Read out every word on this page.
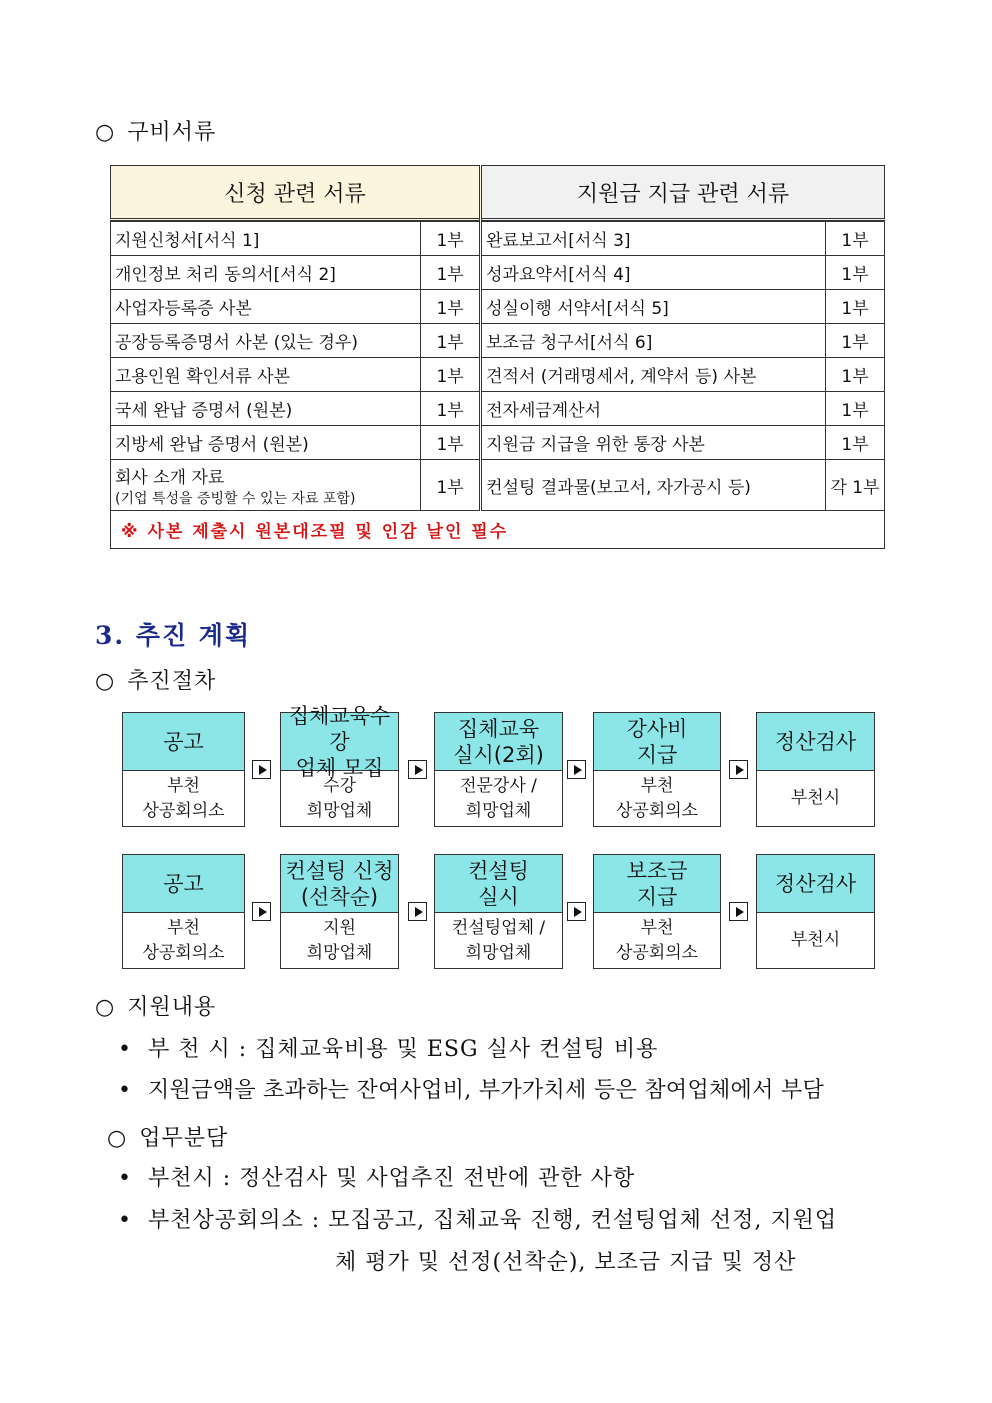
○ 구비서류
신청 관련 서류		지원금 지급 관련 서류	

지원신청서[서식 1]	1부	완료보고서[서식 3]	1부
개인정보 처리 동의서[서식 2]	1부	성과요약서[서식 4]	1부
사업자등록증 사본	1부	성실이행 서약서[서식 5]	1부
공장등록증명서 사본 (있는 경우)	1부	보조금 청구서[서식 6]	1부
고용인원 확인서류 사본	1부	견적서 (거래명세서, 계약서 등) 사본	1부
국세 완납 증명서 (원본)	1부	전자세금계산서	1부
지방세 완납 증명서 (원본)	1부	지원금 지급을 위한 통장 사본	1부
회사 소개 자료
(기업 특성을 증빙할 수 있는 자료 포함)	1부	컨설팅 결과물(보고서, 자가공시 등)	각 1부
※ 사본 제출시 원본대조필 및 인감 날인 필수			
3. 추진 계획
○ 추진절차
공고
부천
상공회의소
집체교육수강
업체 모집
수강
희망업체
집체교육
실시(2회)
전문강사 /
희망업체
강사비
지급
부천
상공회의소
정산검사
부천시
공고
부천
상공회의소
컨설팅 신청
(선착순)
지원
희망업체
컨설팅
실시
컨설팅업체 /
희망업체
보조금
지급
부천
상공회의소
정산검사
부천시
○ 지원내용
• 부 천 시 : 집체교육비용 및 ESG 실사 컨설팅 비용
• 지원금액을 초과하는 잔여사업비, 부가가치세 등은 참여업체에서 부담
○ 업무분담
• 부천시 : 정산검사 및 사업추진 전반에 관한 사항
• 부천상공회의소 : 모집공고, 집체교육 진행, 컨설팅업체 선정, 지원업
체 평가 및 선정(선착순), 보조금 지급 및 정산
